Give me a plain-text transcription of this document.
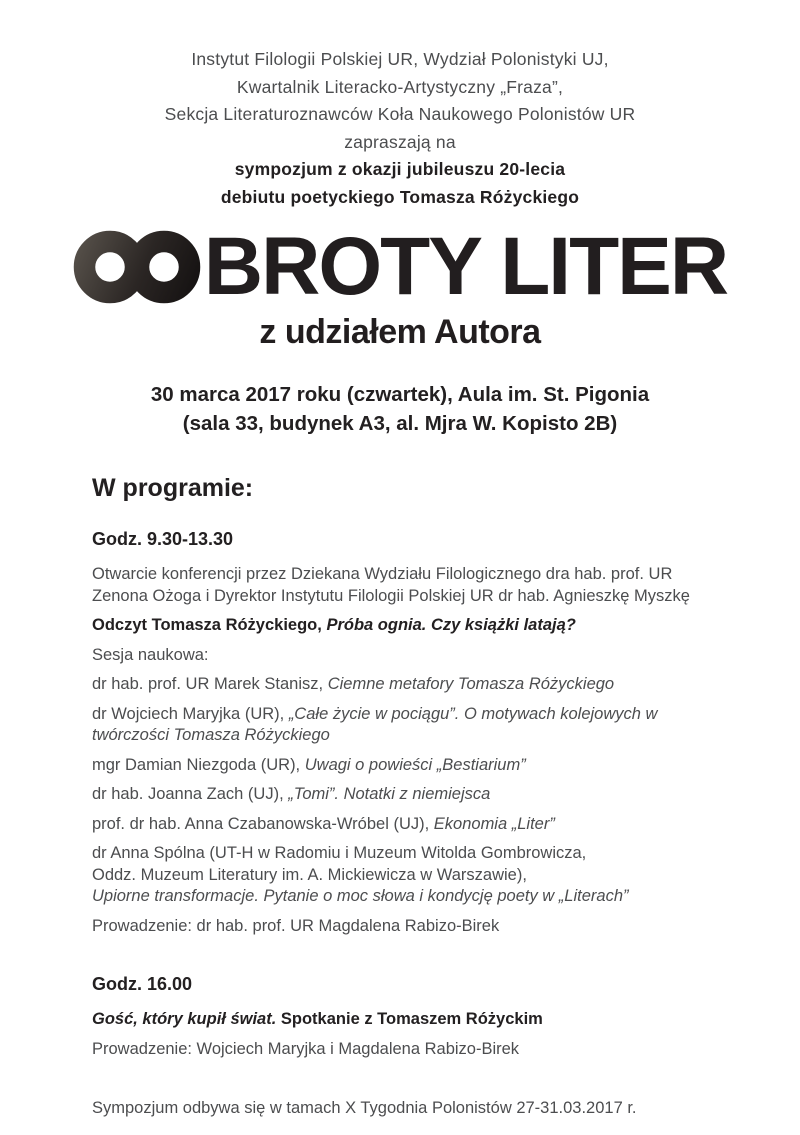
Instytut Filologii Polskiej UR, Wydział Polonistyki UJ,
Kwartalnik Literacko-Artystyczny „Fraza”,
Sekcja Literaturoznawców Koła Naukowego Polonistów UR
zapraszają na
sympozjum z okazji jubileuszu 20-lecia
debiutu poetyckiego Tomasza Różyckiego
BROTY LITER
z udziałem Autora
30 marca 2017 roku (czwartek), Aula im. St. Pigonia
(sala 33, budynek A3, al. Mjra W. Kopisto 2B)
W programie:
Godz. 9.30-13.30

Otwarcie konferencji przez Dziekana Wydziału Filologicznego dra hab. prof. UR Zenona Ożoga i Dyrektor Instytutu Filologii Polskiej UR dr hab. Agnieszkę Myszkę

Odczyt Tomasza Różyckiego, Próba ognia. Czy książki latają?

Sesja naukowa:

dr hab. prof. UR Marek Stanisz, Ciemne metafory Tomasza Różyckiego

dr Wojciech Maryjka (UR), „Całe życie w pociągu”. O motywach kolejowych w twórczości Tomasza Różyckiego

mgr Damian Niezgoda (UR), Uwagi o powieści „Bestiarium”

dr hab. Joanna Zach (UJ), „Tomi”. Notatki z niemiejsca

prof. dr hab. Anna Czabanowska-Wróbel (UJ), Ekonomia „Liter”

dr Anna Spólna (UT-H w Radomiu i Muzeum Witolda Gombrowicza,
Oddz. Muzeum Literatury im. A. Mickiewicza w Warszawie),
Upiorne transformacje. Pytanie o moc słowa i kondycję poety w „Literach”

Prowadzenie: dr hab. prof. UR Magdalena Rabizo-Birek

Godz. 16.00

Gość, który kupił świat. Spotkanie z Tomaszem Różyckim

Prowadzenie: Wojciech Maryjka i Magdalena Rabizo-Birek

Sympozjum odbywa się w tamach X Tygodnia Polonistów 27-31.03.2017 r.
